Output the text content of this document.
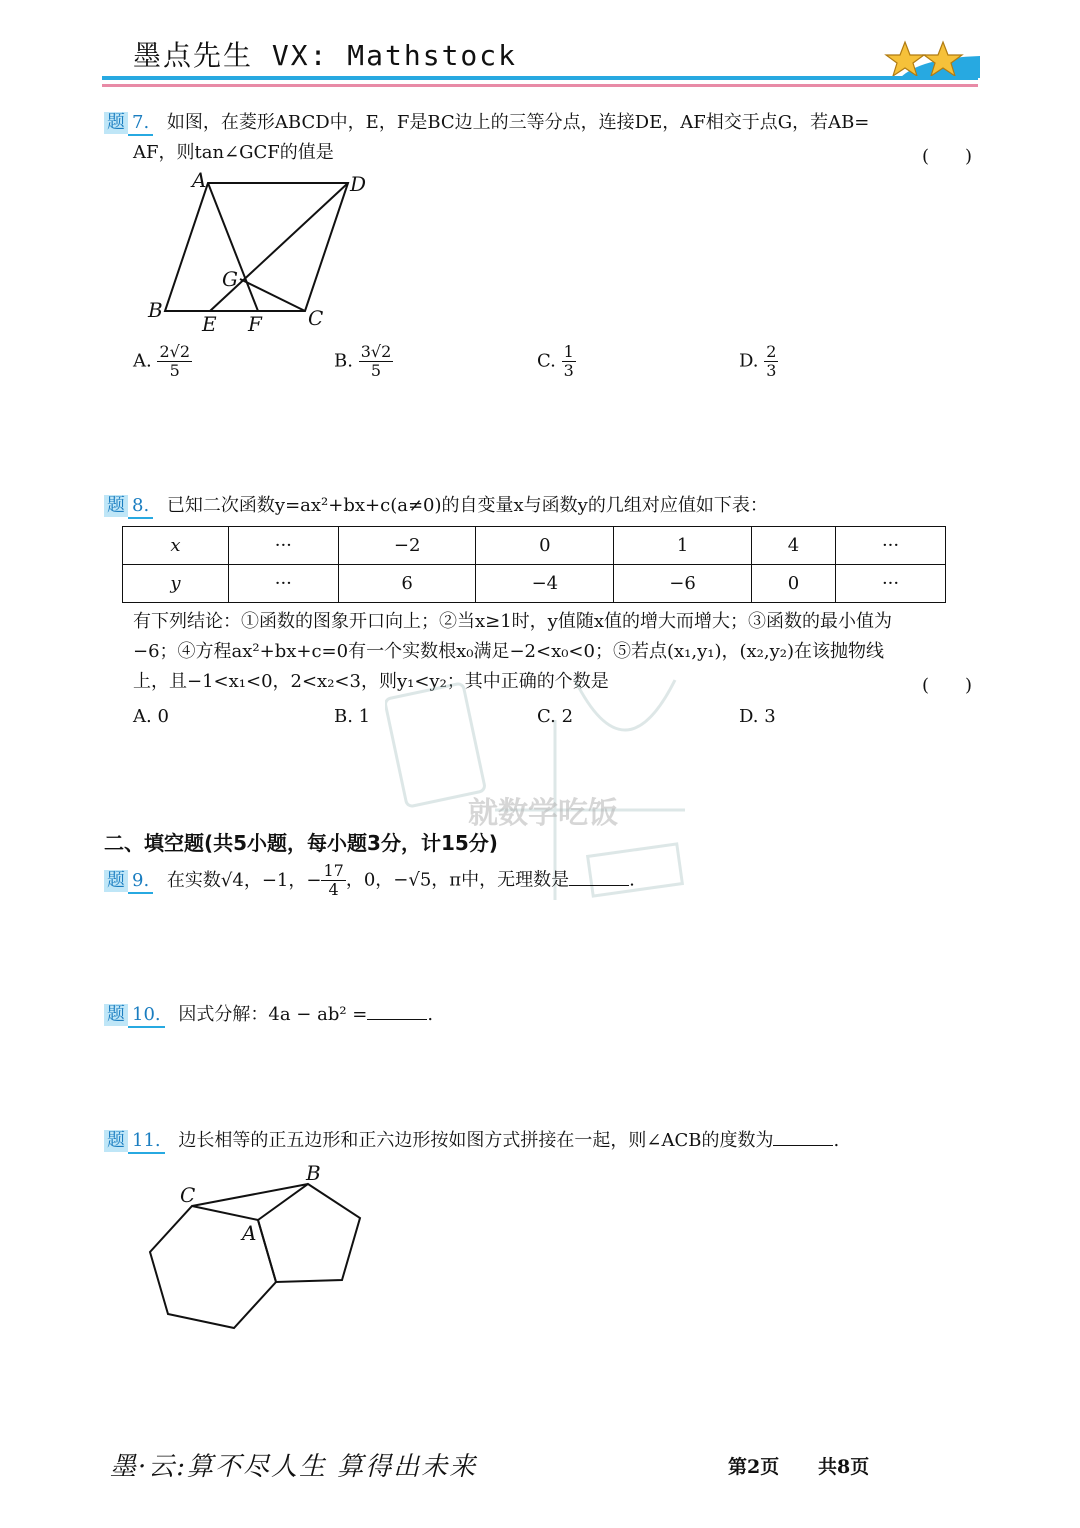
墨点先生 VX: Mathstock
题 7. 如图，在菱形ABCD中，E，F是BC边上的三等分点，连接DE，AF相交于点G，若AB=
AF，则tan∠GCF的值是	(　　)
A	D
B	C
E F
G
A. $\frac{2√2}{5}$	B. $\frac{3√2}{5}$	C. $\frac{1}{3}$	D. $\frac{2}{3}$
题 8. 已知二次函数y=ax²+bx+c(a≠0)的自变量x与函数y的几组对应值如下表：
x	···	−2	0	1	4	···
y	···	6	−4	−6	0	···
有下列结论：①函数的图象开口向上；②当x≥1时，y值随x值的增大而增大；③函数的最小值为
−6；④方程ax²+bx+c=0有一个实数根x₀满足−2<x₀<0；⑤若点(x₁,y₁)，(x₂,y₂)在该抛物线
上，且−1<x₁<0，2<x₂<3，则y₁<y₂；其中正确的个数是	(　　)
A. 0	B. 1	C. 2	D. 3
就数学吃饭
二、填空题(共5小题，每小题3分，计15分)
题 9. 在实数√4，−1，− $\frac{17}{4}$ ，0，−√5，π中，无理数是	.
题 10. 因式分解：4a − ab² =	.
题 11. 边长相等的正五边形和正六边形按如图方式拼接在一起，则∠ACB的度数为	.
B
C
A
墨·云:算不尽人生 算得出未来	第2页 共8页
